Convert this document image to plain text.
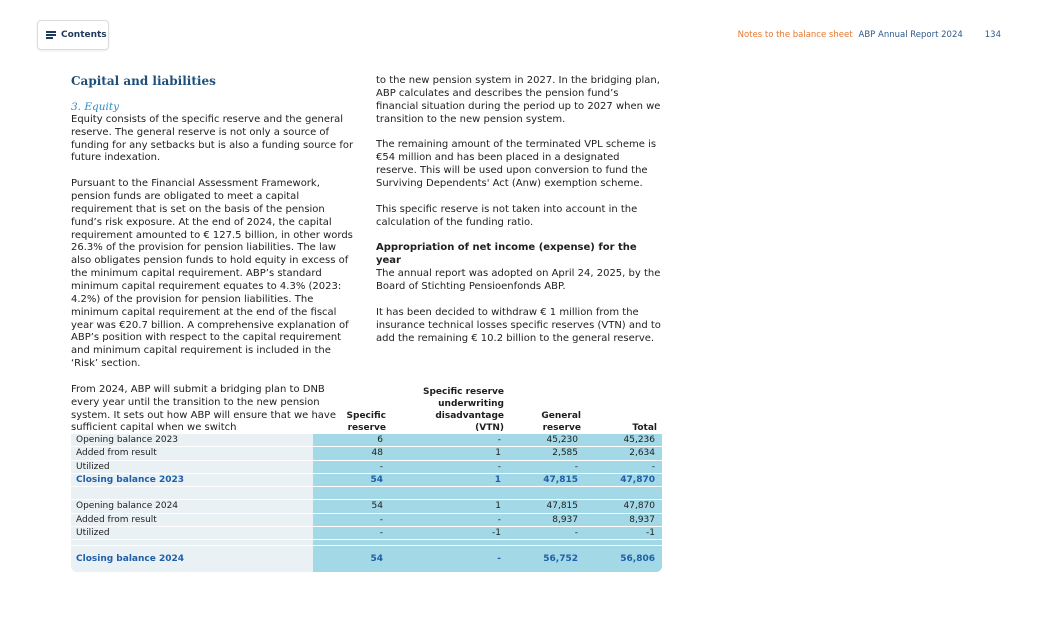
Contents	Notes to the balance sheet ABP Annual Report 2024	134
Capital and liabilities
3. Equity
Equity consists of the specific reserve and the general reserve. The general reserve is not only a source of funding for any setbacks but is also a funding source for future indexation.
Pursuant to the Financial Assessment Framework, pension funds are obligated to meet a capital requirement that is set on the basis of the pension fund’s risk exposure. At the end of 2024, the capital requirement amounted to € 127.5 billion, in other words 26.3% of the provision for pension liabilities. The law also obligates pension funds to hold equity in excess of the minimum capital requirement. ABP’s standard minimum capital requirement equates to 4.3% (2023: 4.2%) of the provision for pension liabilities. The minimum capital requirement at the end of the fiscal year was €20.7 billion. A comprehensive explanation of ABP’s position with respect to the capital requirement and minimum capital requirement is included in the ‘Risk’ section.
From 2024, ABP will submit a bridging plan to DNB every year until the transition to the new pension system. It sets out how ABP will ensure that we have sufficient capital when we switch
to the new pension system in 2027. In the bridging plan, ABP calculates and describes the pension fund’s financial situation during the period up to 2027 when we transition to the new pension system.
The remaining amount of the terminated VPL scheme is €54 million and has been placed in a designated reserve. This will be used upon conversion to fund the Surviving Dependents' Act (Anw) exemption scheme.
This specific reserve is not taken into account in the calculation of the funding ratio.
Appropriation of net income (expense) for the year
The annual report was adopted on April 24, 2025, by the Board of Stichting Pensioenfonds ABP.
It has been decided to withdraw € 1 million from the insurance technical losses specific reserves (VTN) and to add the remaining € 10.2 billion to the general reserve.
Specific reserve
Specific reserve
underwriting
disadvantage (VTN)
General reserve	Total
Opening balance 2023	6	-	45,230	45,236
Added from result	48	1	2,585	2,634
Utilized	-	-	-	-
Closing balance 2023	54	1	47,815	47,870
Opening balance 2024	54	1	47,815	47,870
Added from result	-	-	8,937	8,937
Utilized	-	-1	-	-1
Closing balance 2024	54	-	56,752	56,806
